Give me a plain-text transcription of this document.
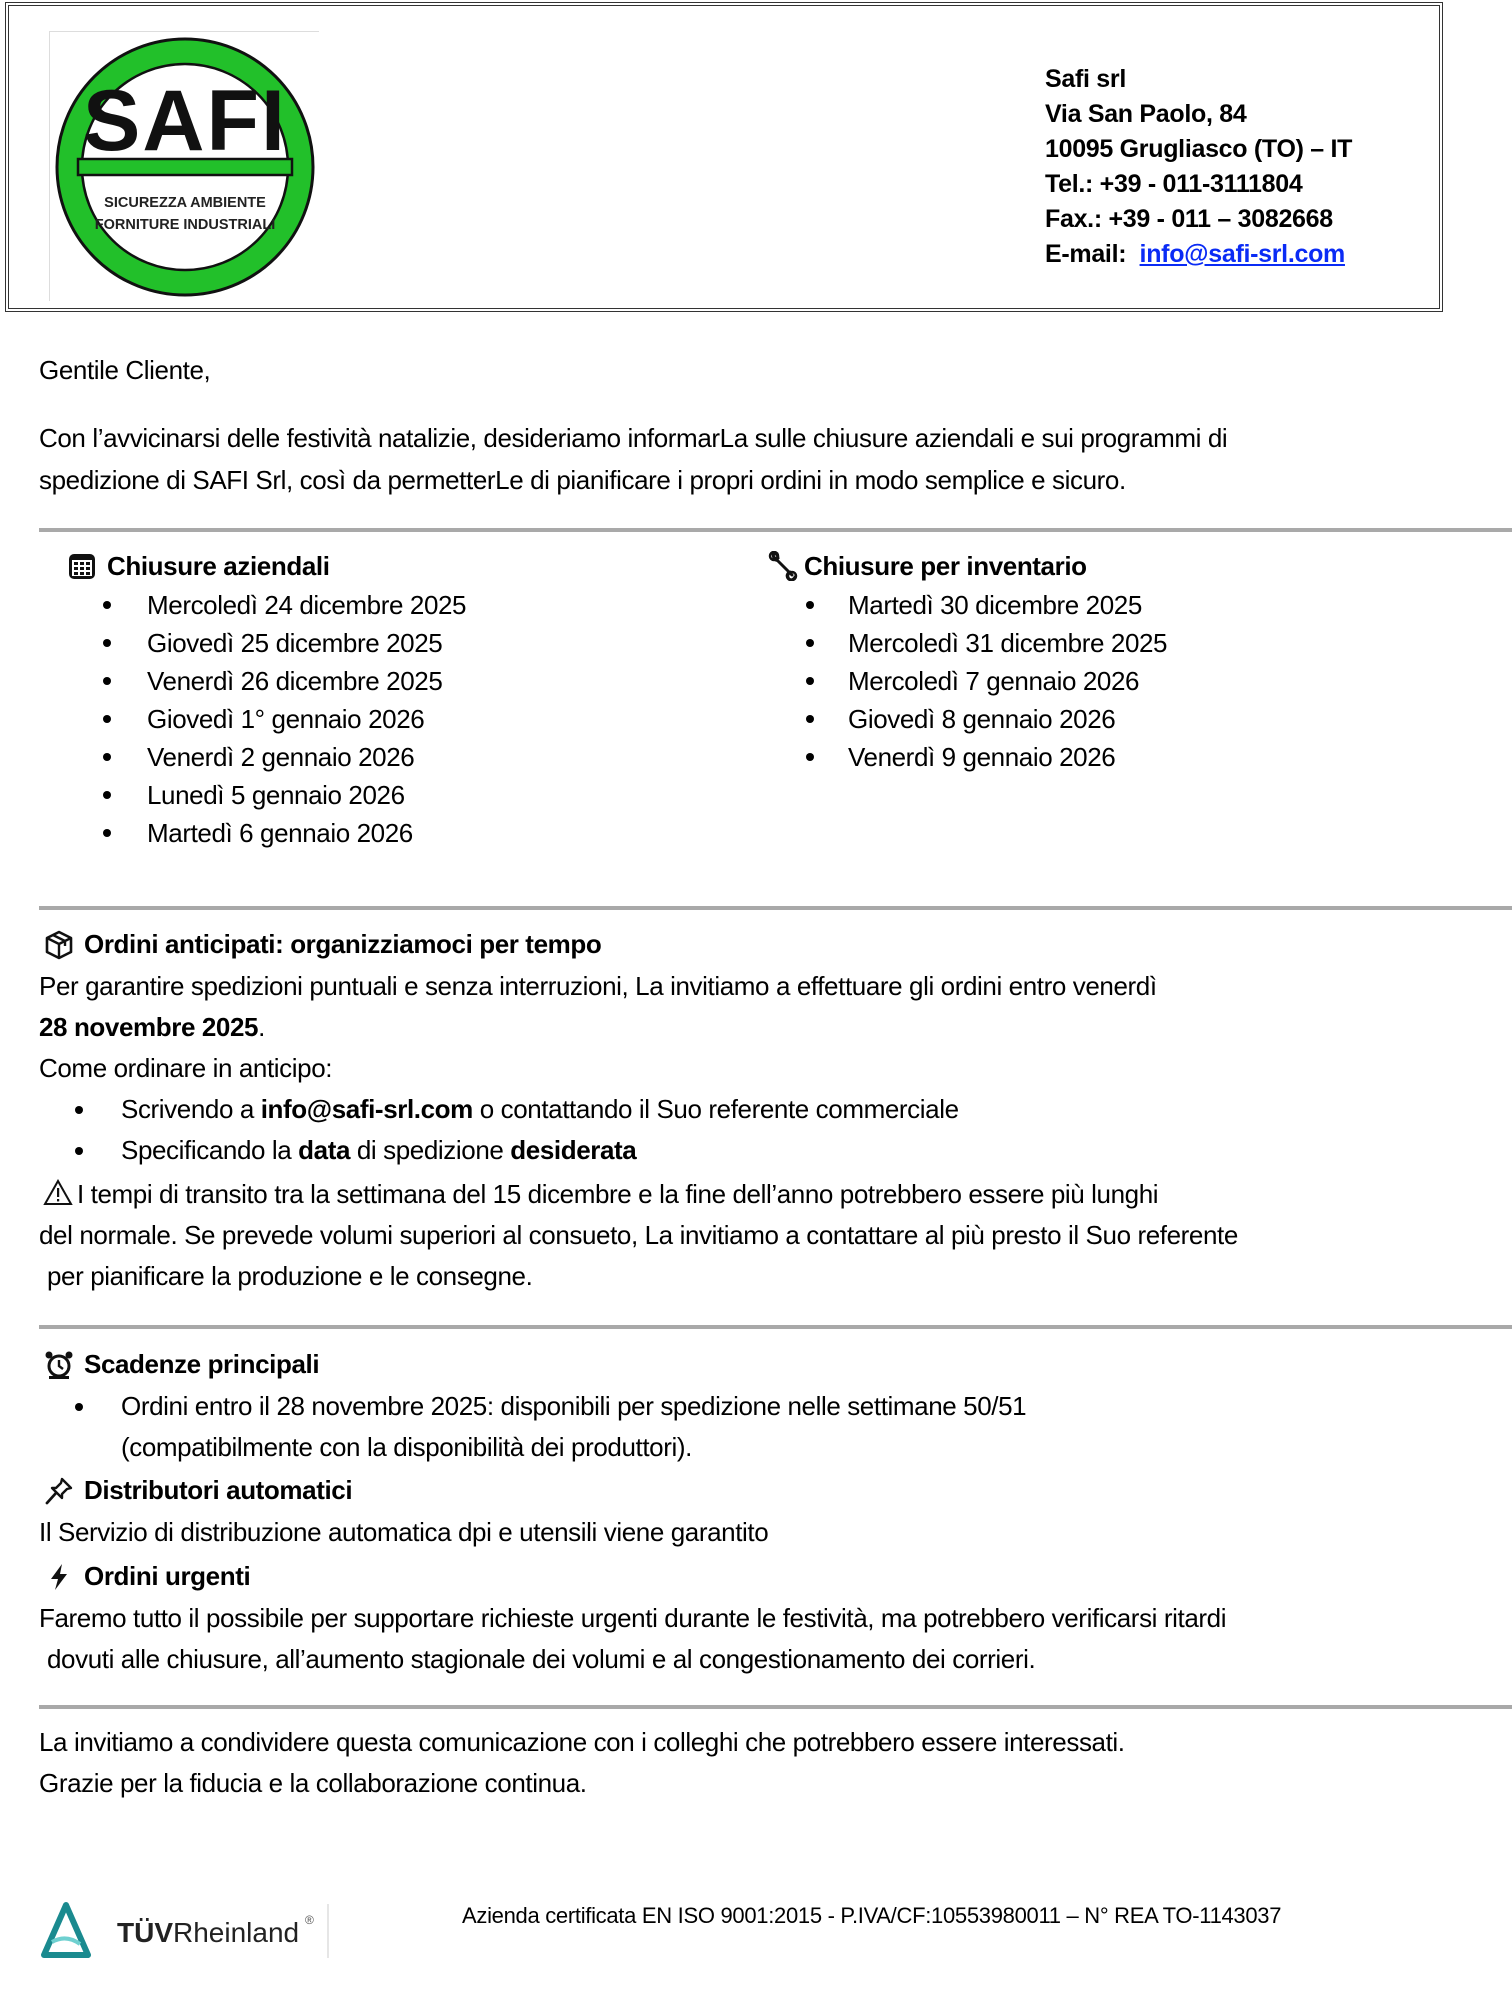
SAFI
SICUREZZA AMBIENTE
FORNITURE INDUSTRIALI
Safi srl
Via San Paolo, 84
10095 Grugliasco (TO) – IT
Tel.: +39 - 011-3111804
Fax.: +39 - 011 – 3082668
E-mail: info@safi-srl.com
Gentile Cliente,
Con l’avvicinarsi delle festività natalizie, desideriamo informarLa sulle chiusure aziendali e sui programmi di
spedizione di SAFI Srl, così da permetterLe di pianificare i propri ordini in modo semplice e sicuro.
Chiusure aziendali
Mercoledì 24 dicembre 2025
Giovedì 25 dicembre 2025
Venerdì 26 dicembre 2025
Giovedì 1° gennaio 2026
Venerdì 2 gennaio 2026
Lunedì 5 gennaio 2026
Martedì 6 gennaio 2026
Chiusure per inventario
Martedì 30 dicembre 2025
Mercoledì 31 dicembre 2025
Mercoledì 7 gennaio 2026
Giovedì 8 gennaio 2026
Venerdì 9 gennaio 2026
Ordini anticipati: organizziamoci per tempo
Per garantire spedizioni puntuali e senza interruzioni, La invitiamo a effettuare gli ordini entro venerdì
28 novembre 2025.
Come ordinare in anticipo:
Scrivendo a info@safi-srl.com o contattando il Suo referente commerciale
Specificando la data di spedizione desiderata
I tempi di transito tra la settimana del 15 dicembre e la fine dell’anno potrebbero essere più lunghi
del normale. Se prevede volumi superiori al consueto, La invitiamo a contattare al più presto il Suo referente
per pianificare la produzione e le consegne.
Scadenze principali
Ordini entro il 28 novembre 2025: disponibili per spedizione nelle settimane 50/51
(compatibilmente con la disponibilità dei produttori).
Distributori automatici
Il Servizio di distribuzione automatica dpi e utensili viene garantito
Ordini urgenti
Faremo tutto il possibile per supportare richieste urgenti durante le festività, ma potrebbero verificarsi ritardi
dovuti alle chiusure, all’aumento stagionale dei volumi e al congestionamento dei corrieri.
La invitiamo a condividere questa comunicazione con i colleghi che potrebbero essere interessati.
Grazie per la fiducia e la collaborazione continua.
TÜVRheinland ®	Azienda certificata EN ISO 9001:2015 - P.IVA/CF:10553980011 – N° REA TO-1143037
